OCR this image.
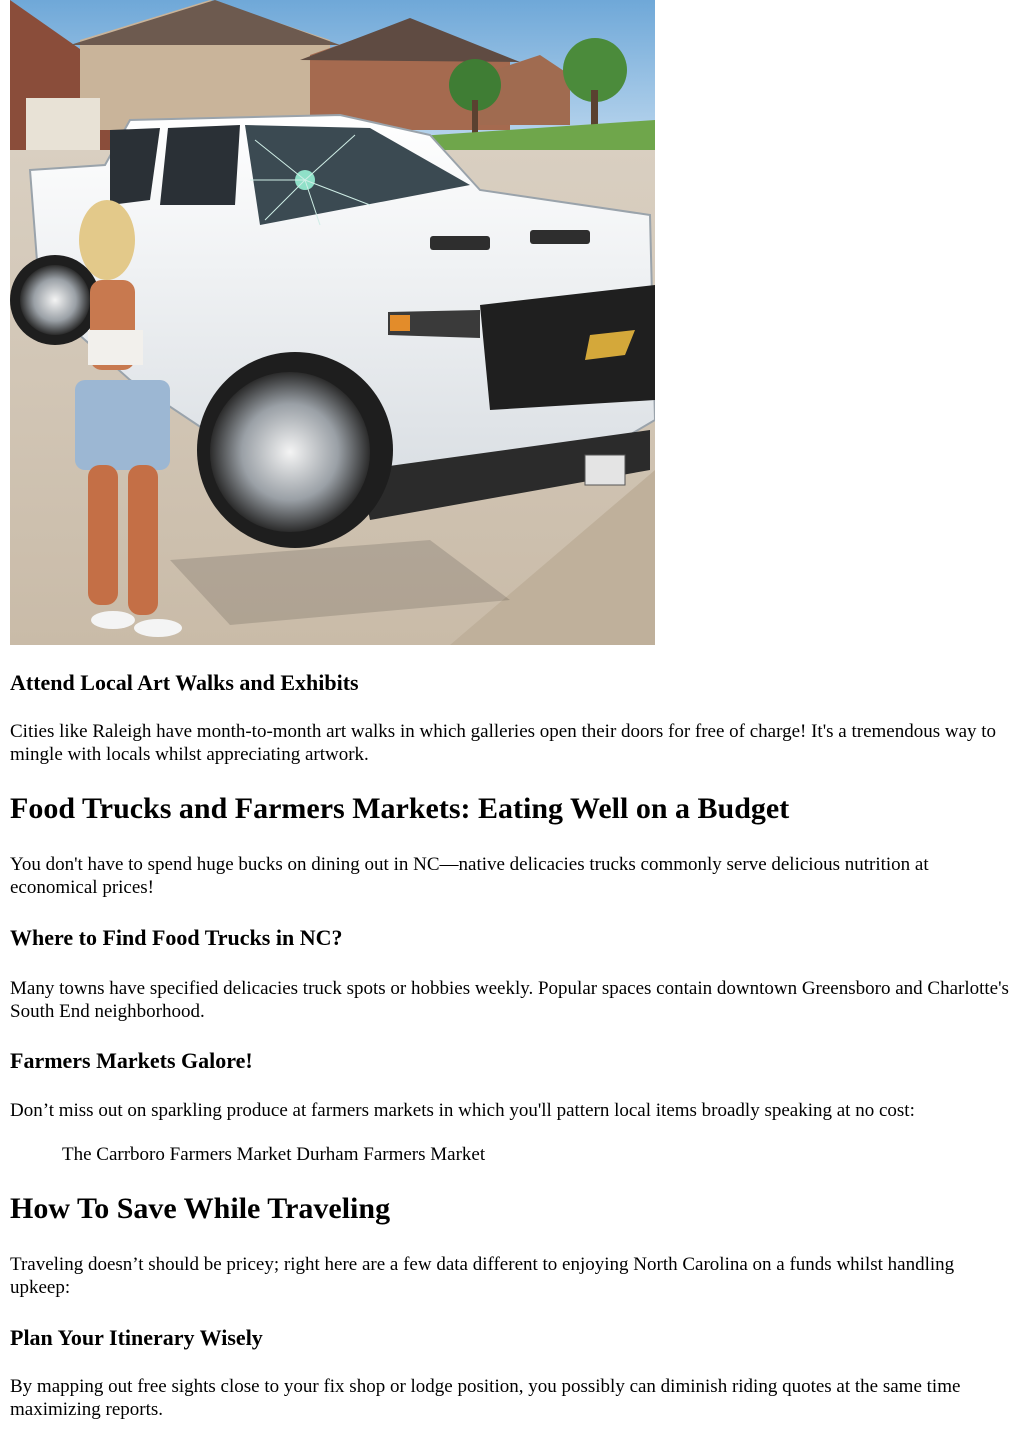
Attend Local Art Walks and Exhibits

Cities like Raleigh have month-to-month art walks in which galleries open their doors for free of charge! It's a tremendous way to mingle with locals whilst appreciating artwork.

Food Trucks and Farmers Markets: Eating Well on a Budget

You don't have to spend huge bucks on dining out in NC—native delicacies trucks commonly serve delicious nutrition at economical prices!

Where to Find Food Trucks in NC?

Many towns have specified delicacies truck spots or hobbies weekly. Popular spaces contain downtown Greensboro and Charlotte's South End neighborhood.

Farmers Markets Galore!

Don’t miss out on sparkling produce at farmers markets in which you'll pattern local items broadly speaking at no cost:

The Carrboro Farmers Market Durham Farmers Market

How To Save While Traveling

Traveling doesn’t should be pricey; right here are a few data different to enjoying North Carolina on a funds whilst handling upkeep:

Plan Your Itinerary Wisely

By mapping out free sights close to your fix shop or lodge position, you possibly can diminish riding quotes at the same time maximizing reports.
